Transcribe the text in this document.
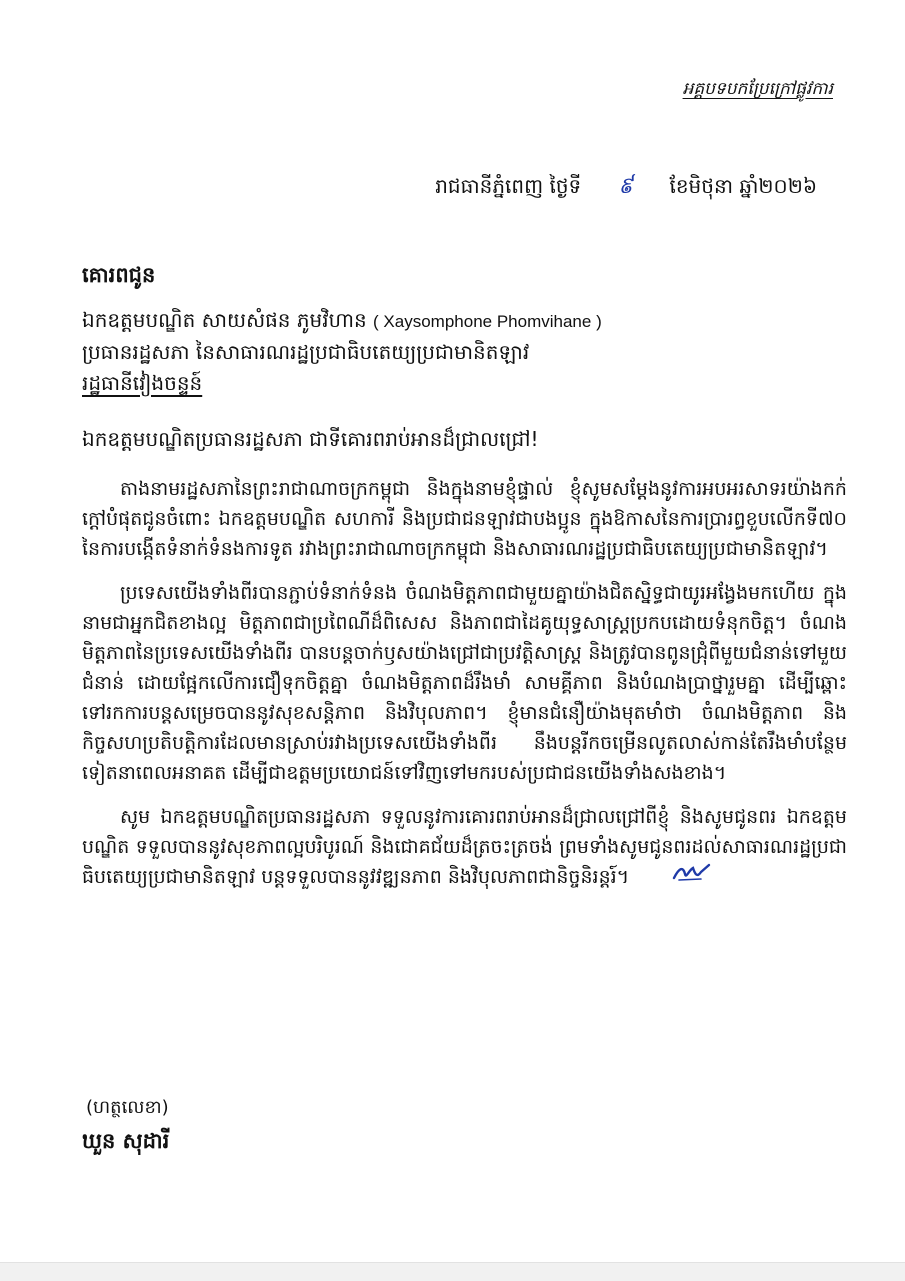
អគ្គបទបកប្រែក្រៅផ្លូវការ
រាជធានីភ្នំពេញ ថ្ងៃទី ៩ ខែមិថុនា ឆ្នាំ២០២៦
គោរពជូន

ឯកឧត្តមបណ្ឌិត សាយសំផន ភូមវិហាន ( Xaysomphone Phomvihane )

ប្រធានរដ្ឋសភា នៃសាធារណរដ្ឋប្រជាធិបតេយ្យប្រជាមានិតឡាវ

រដ្ឋធានីវៀងចន្ទន៍

ឯកឧត្តមបណ្ឌិតប្រធានរដ្ឋសភា ជាទីគោរពរាប់អានដ៏ជ្រាលជ្រៅ!

តាងនាមរដ្ឋសភានៃព្រះរាជាណាចក្រកម្ពុជា និងក្នុងនាមខ្ញុំផ្ទាល់ ខ្ញុំសូមសម្តែងនូវការអបអរសាទរយ៉ាងកក់ក្តៅបំផុតជូនចំពោះ ឯកឧត្តមបណ្ឌិត សហការី និងប្រជាជនឡាវជាបងប្អូន ក្នុងឱកាសនៃការប្រារព្ធខួបលើកទី៧០ នៃការបង្កើតទំនាក់ទំនងការទូត រវាងព្រះរាជាណាចក្រកម្ពុជា និងសាធារណរដ្ឋប្រជាធិបតេយ្យប្រជាមានិតឡាវ។

ប្រទេសយើងទាំងពីរបានភ្ជាប់ទំនាក់ទំនង ចំណងមិត្តភាពជាមួយគ្នាយ៉ាងជិតស្និទ្ធជាយូរអង្វែងមកហើយ ក្នុងនាមជាអ្នកជិតខាងល្អ មិត្តភាពជាប្រពៃណីដ៏ពិសេស និងភាពជាដៃគូយុទ្ធសាស្ត្រប្រកបដោយទំនុកចិត្ត។ ចំណងមិត្តភាពនៃប្រទេសយើងទាំងពីរ បានបន្តចាក់ឫសយ៉ាងជ្រៅជាប្រវត្តិសាស្ត្រ និងត្រូវបានពូនជ្រុំពីមួយជំនាន់ទៅមួយជំនាន់ ដោយផ្អែកលើការជឿទុកចិត្តគ្នា ចំណងមិត្តភាពដ៏រឹងមាំ សាមគ្គីភាព និងបំណងប្រាថ្នារួមគ្នា ដើម្បីឆ្ពោះទៅរកការបន្តសម្រេចបាននូវសុខសន្តិភាព និងវិបុលភាព។ ខ្ញុំមានជំនឿយ៉ាងមុតមាំថា ចំណងមិត្តភាព និងកិច្ចសហប្រតិបត្តិការដែលមានស្រាប់រវាងប្រទេសយើងទាំងពីរ នឹងបន្តរីកចម្រើនលូតលាស់កាន់តែរឹងមាំបន្ថែមទៀតនាពេលអនាគត ដើម្បីជាឧត្តមប្រយោជន៍ទៅវិញទៅមករបស់ប្រជាជនយើងទាំងសងខាង។

សូម ឯកឧត្តមបណ្ឌិតប្រធានរដ្ឋសភា ទទួលនូវការគោរពរាប់អានដ៏ជ្រាលជ្រៅពីខ្ញុំ និងសូមជូនពរ ឯកឧត្តមបណ្ឌិត ទទួលបាននូវសុខភាពល្អបរិបូរណ៍ និងជោគជ័យដ៏ត្រចះត្រចង់ ព្រមទាំងសូមជូនពរដល់សាធារណរដ្ឋប្រជាធិបតេយ្យប្រជាមានិតឡាវ បន្តទទួលបាននូវវឌ្ឍនភាព និងវិបុលភាពជានិច្ចនិរន្តរ៍។

(ហត្ថលេខា)
ឃួន សុដារី
